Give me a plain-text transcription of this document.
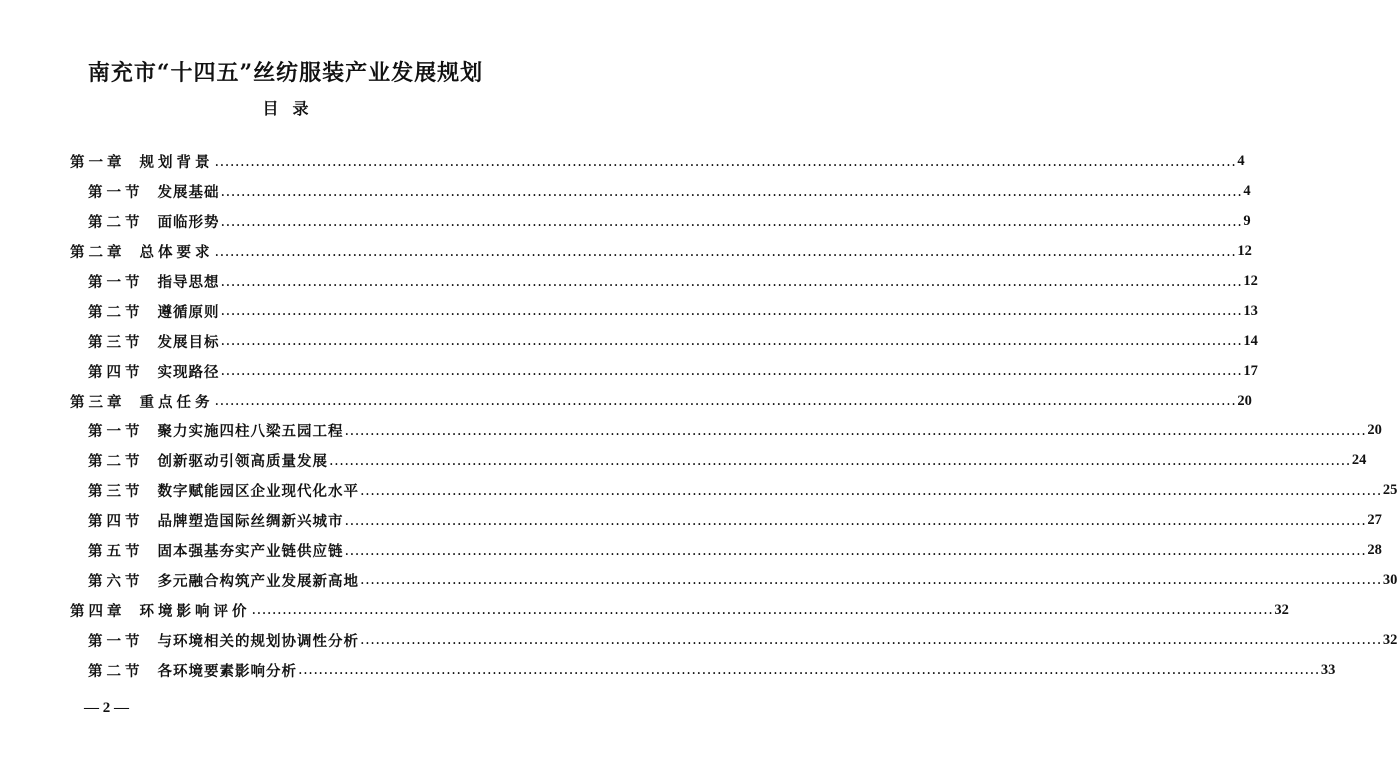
南充市“十四五”丝纺服装产业发展规划
目录
第一章 规划背景 ........................................................................................................................................................................................................ 4
第一节 发展基础 ........................................................................................................................................................................................................ 4
第二节 面临形势 ........................................................................................................................................................................................................ 9
第二章 总体要求 ........................................................................................................................................................................................................ 12
第一节 指导思想 ........................................................................................................................................................................................................ 12
第二节 遵循原则 ........................................................................................................................................................................................................ 13
第三节 发展目标 ........................................................................................................................................................................................................ 14
第四节 实现路径 ........................................................................................................................................................................................................ 17
第三章 重点任务 ........................................................................................................................................................................................................ 20
第一节 聚力实施四柱八梁五园工程 ........................................................................................................................................................................................................ 20
第二节 创新驱动引领高质量发展 ........................................................................................................................................................................................................ 24
第三节 数字赋能园区企业现代化水平 ........................................................................................................................................................................................................ 25
第四节 品牌塑造国际丝绸新兴城市 ........................................................................................................................................................................................................ 27
第五节 固本强基夯实产业链供应链 ........................................................................................................................................................................................................ 28
第六节 多元融合构筑产业发展新高地 ........................................................................................................................................................................................................ 30
第四章 环境影响评价 ........................................................................................................................................................................................................ 32
第一节 与环境相关的规划协调性分析 ........................................................................................................................................................................................................ 32
第二节 各环境要素影响分析 ........................................................................................................................................................................................................ 33
— 2 —
